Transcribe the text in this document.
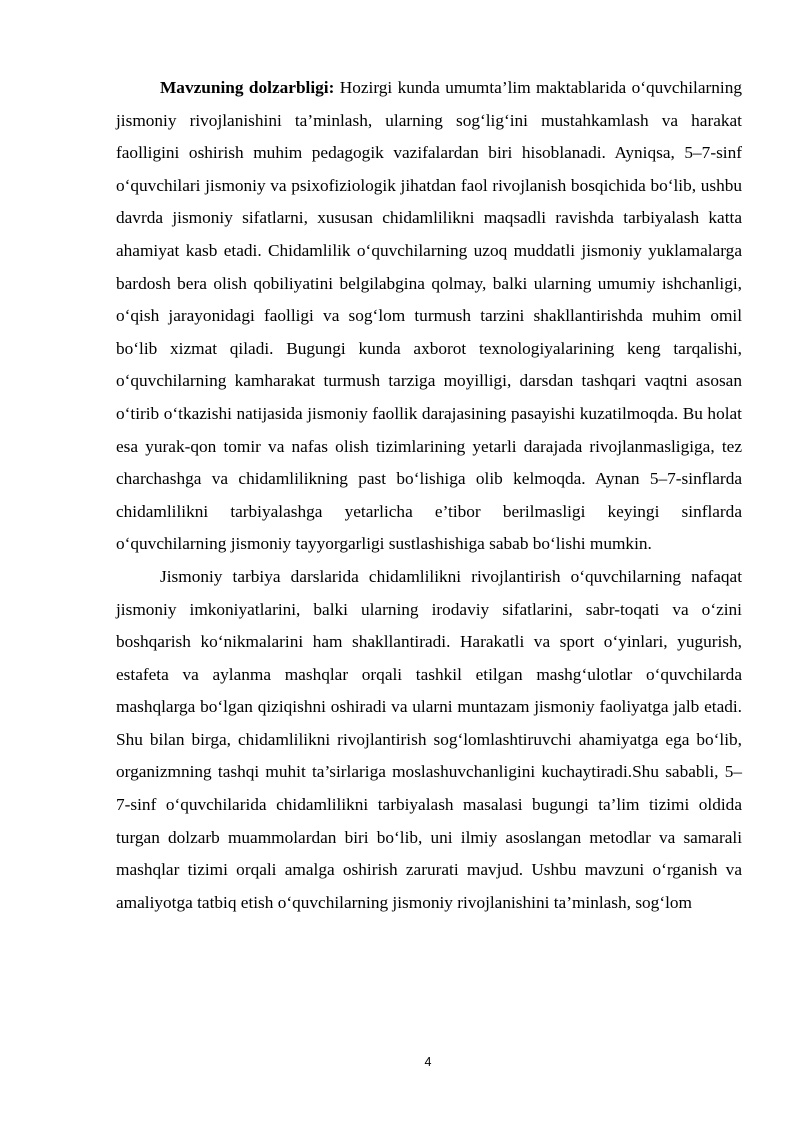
Mavzuning dolzarbligi: Hozirgi kunda umumta’lim maktablarida o‘quvchilarning jismoniy rivojlanishini ta’minlash, ularning sog‘lig‘ini mustahkamlash va harakat faolligini oshirish muhim pedagogik vazifalardan biri hisoblanadi. Ayniqsa, 5–7-sinf o‘quvchilari jismoniy va psixofiziologik jihatdan faol rivojlanish bosqichida bo‘lib, ushbu davrda jismoniy sifatlarni, xususan chidamlilikni maqsadli ravishda tarbiyalash katta ahamiyat kasb etadi. Chidamlilik o‘quvchilarning uzoq muddatli jismoniy yuklamalarga bardosh bera olish qobiliyatini belgilabgina qolmay, balki ularning umumiy ishchanligi, o‘qish jarayonidagi faolligi va sog‘lom turmush tarzini shakllantirishda muhim omil bo‘lib xizmat qiladi. Bugungi kunda axborot texnologiyalarining keng tarqalishi, o‘quvchilarning kamharakat turmush tarziga moyilligi, darsdan tashqari vaqtni asosan o‘tirib o‘tkazishi natijasida jismoniy faollik darajasining pasayishi kuzatilmoqda. Bu holat esa yurak-qon tomir va nafas olish tizimlarining yetarli darajada rivojlanmasligiga, tez charchashga va chidamlilikning past bo‘lishiga olib kelmoqda. Aynan 5–7-sinflarda chidamlilikni tarbiyalashga yetarlicha e’tibor berilmasligi keyingi sinflarda o‘quvchilarning jismoniy tayyorgarligi sustlashishiga sabab bo‘lishi mumkin.

Jismoniy tarbiya darslarida chidamlilikni rivojlantirish o‘quvchilarning nafaqat jismoniy imkoniyatlarini, balki ularning irodaviy sifatlarini, sabr-toqati va o‘zini boshqarish ko‘nikmalarini ham shakllantiradi. Harakatli va sport o‘yinlari, yugurish, estafeta va aylanma mashqlar orqali tashkil etilgan mashg‘ulotlar o‘quvchilarda mashqlarga bo‘lgan qiziqishni oshiradi va ularni muntazam jismoniy faoliyatga jalb etadi. Shu bilan birga, chidamlilikni rivojlantirish sog‘lomlashtiruvchi ahamiyatga ega bo‘lib, organizmning tashqi muhit ta’sirlariga moslashuvchanligini kuchaytiradi.Shu sababli, 5–7-sinf o‘quvchilarida chidamlilikni tarbiyalash masalasi bugungi ta’lim tizimi oldida turgan dolzarb muammolardan biri bo‘lib, uni ilmiy asoslangan metodlar va samarali mashqlar tizimi orqali amalga oshirish zarurati mavjud. Ushbu mavzuni o‘rganish va amaliyotga tatbiq etish o‘quvchilarning jismoniy rivojlanishini ta’minlash, sog‘lom

4
